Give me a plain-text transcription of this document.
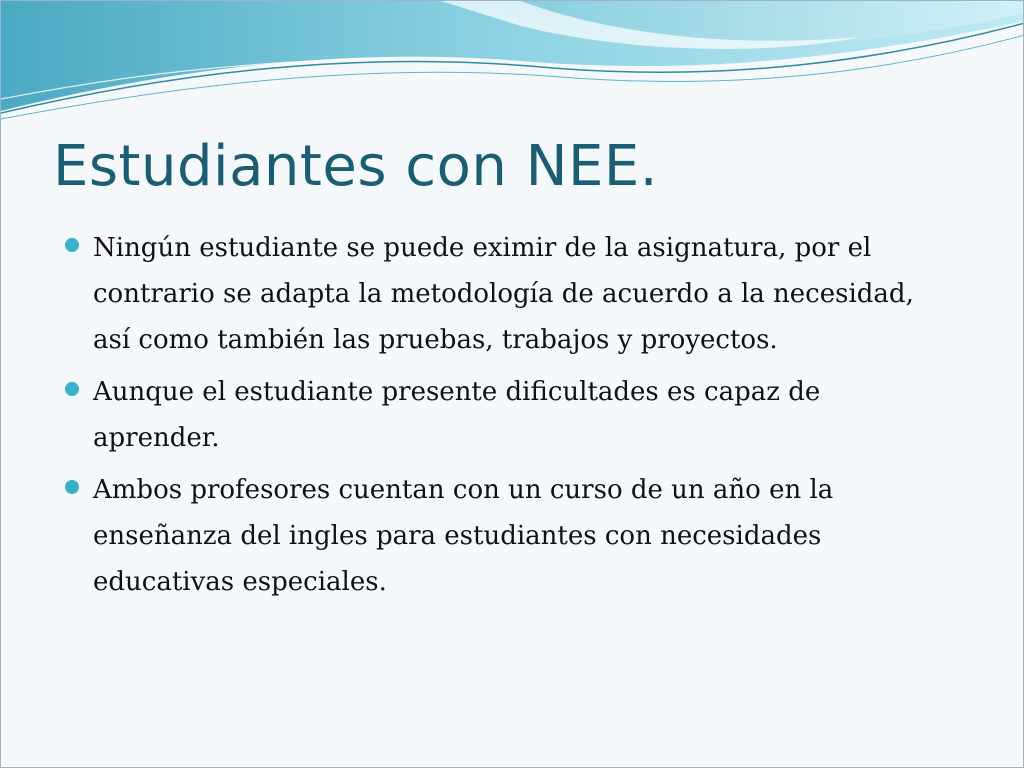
Estudiantes con NEE.
Ningún estudiante se puede eximir de la asignatura, por el contrario se adapta la metodología de acuerdo a la necesidad, así como también las pruebas, trabajos y proyectos.
Aunque el estudiante presente dificultades es capaz de aprender.
Ambos profesores cuentan con un curso de un año en la enseñanza del ingles para estudiantes con necesidades educativas especiales.
